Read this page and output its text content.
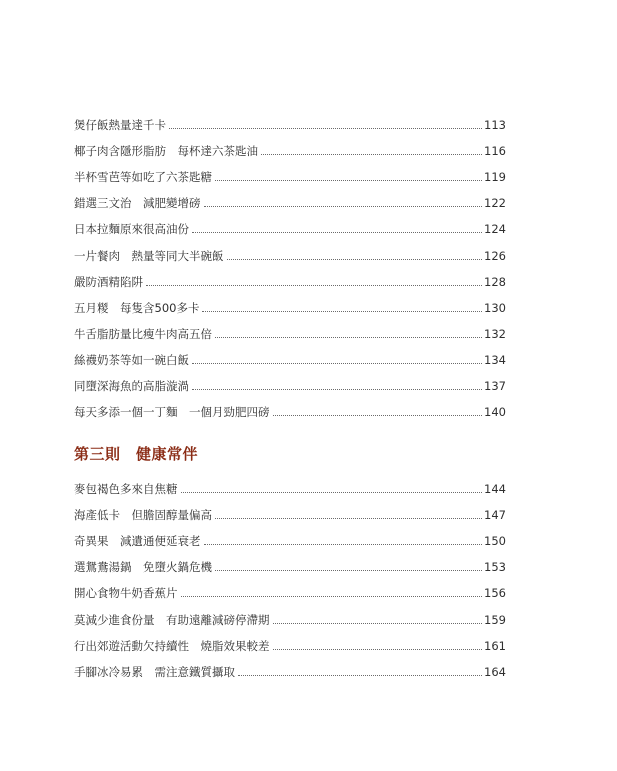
煲仔飯熱量達千卡	113
椰子肉含隱形脂肪　每杯達六茶匙油	116
半杯雪芭等如吃了六茶匙糖	119
錯選三文治　減肥變增磅	122
日本拉麵原來很高油份	124
一片餐肉　熱量等同大半碗飯	126
嚴防酒精陷阱	128
五月糉　每隻含500多卡	130
牛舌脂肪量比瘦牛肉高五倍	132
絲襪奶茶等如一碗白飯	134
同墮深海魚的高脂漩渦	137
每天多添一個一丁麵　一個月勁肥四磅	140
第三則　健康常伴
麥包褐色多來自焦糖	144
海產低卡　但膽固醇量偏高	147
奇異果　減遺通便延衰老	150
選鴛鴦湯鍋　免墮火鍋危機	153
開心食物牛奶香蕉片	156
莫減少進食份量　有助遠離減磅停滯期	159
行出郊遊活動欠持續性　燒脂效果較差	161
手腳冰冷易累　需注意鐵質攝取	164
